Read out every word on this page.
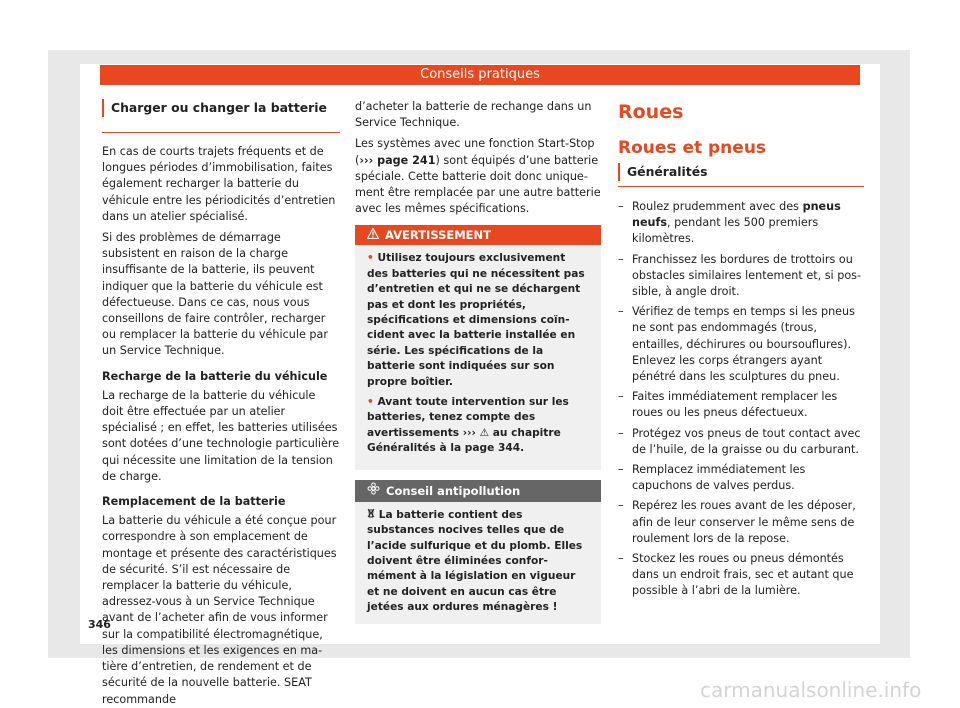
Conseils pratiques
Charger ou changer la batterie

En cas de courts trajets fréquents et de longues périodes d’immobilisation, faites également recharger la batterie du véhicule entre les périodicités d’entretien dans un atelier spécialisé.

Si des problèmes de démarrage subsistent en raison de la charge insuffisante de la batterie, ils peuvent indiquer que la batterie du véhicule est défectueuse. Dans ce cas, nous vous conseillons de faire contrôler, recharger ou remplacer la batterie du véhicule par un Service Technique.

Recharge de la batterie du véhicule

La recharge de la batterie du véhicule doit être effectuée par un atelier spécialisé ; en effet, les batteries utilisées sont dotées d’une technologie particulière qui nécessite une limitation de la tension de charge.

Remplacement de la batterie

La batterie du véhicule a été conçue pour correspondre à son emplacement de montage et présente des caractéristiques de sécurité. S’il est nécessaire de remplacer la batterie du véhicule, adressez-vous à un Service Technique avant de l’acheter afin de vous informer sur la compatibilité électromagnétique, les dimensions et les exigences en matière d’entretien, de rendement et de sécurité de la nouvelle batterie. SEAT recommande

d’acheter la batterie de rechange dans un Service Technique.

Les systèmes avec une fonction Start-Stop (››› page 241) sont équipés d’une batterie spéciale. Cette batterie doit donc uniquement être remplacée par une autre batterie avec les mêmes spécifications.

AVERTISSEMENT

• Utilisez toujours exclusivement des batteries qui ne nécessitent pas d’entretien et qui ne se déchargent pas et dont les propriétés, spécifications et dimensions coïncident avec la batterie installée en série. Les spécifications de la batterie sont indiquées sur son propre boîtier.

• Avant toute intervention sur les batteries, tenez compte des avertissements ››› ⚠ au chapitre Généralités à la page 344.

Conseil antipollution
La batterie contient des substances nocives telles que de l’acide sulfurique et du plomb. Elles doivent être éliminées conformément à la législation en vigueur et ne doivent en aucun cas être jetées aux ordures ménagères !
Roues
Roues et pneus
Généralités
– Roulez prudemment avec des pneus neufs, pendant les 500 premiers kilomètres.
– Franchissez les bordures de trottoirs ou obstacles similaires lentement et, si possible, à angle droit.
– Vérifiez de temps en temps si les pneus ne sont pas endommagés (trous, entailles, déchirures ou boursouflures). Enlevez les corps étrangers ayant pénétré dans les sculptures du pneu.
– Faites immédiatement remplacer les roues ou les pneus défectueux.
– Protégez vos pneus de tout contact avec de l’huile, de la graisse ou du carburant.
– Remplacez immédiatement les capuchons de valves perdus.
– Repérez les roues avant de les déposer, afin de leur conserver le même sens de roulement lors de la repose.
– Stockez les roues ou pneus démontés dans un endroit frais, sec et autant que possible à l’abri de la lumière.
346
carmanualsonline.info
